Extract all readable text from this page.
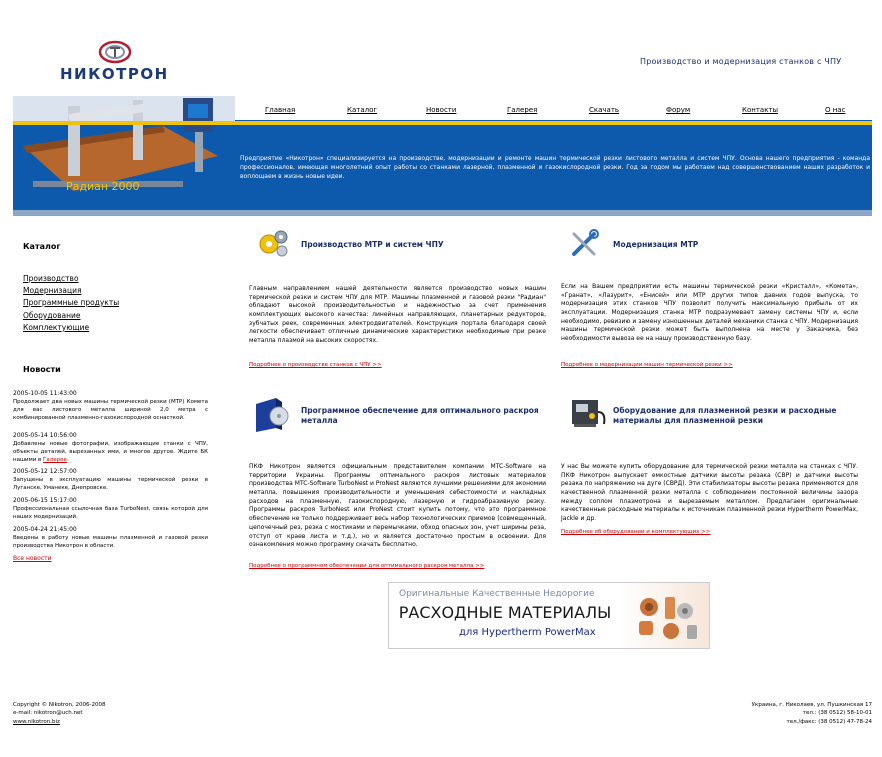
НИКОТРОН
Производство и модернизация станков с ЧПУ
Радиан 2000
Главная	Каталог	Новости	Галерея	Скачать	Форум	Контакты	О нас
Предприятие «Никотрон» специализируется на производстве, модернизации и ремонте машин термической резки листового металла и систем ЧПУ. Основа нашего предприятия - команда профессионалов, имеющая многолетний опыт работы со станками лазерной, плазменной и газокислородной резки. Год за годом мы работаем над совершенствованием наших разработок и воплощаем в жизнь новые идеи.
Каталог
Производство
Модернизация
Программные продукты
Оборудование
Комплектующие
Новости
2005-10-05 11:43:00
Продолжает два новых машины термической резки (МТР) Комета для вас листового металла шириной 2,0 метра с комбинированной плазменно-газокислородной оснасткой.
2005-05-14 10:56:00
Добавлены новые фотографии, изображающие станки с ЧПУ, объекты деталей, вырезанных ими, и многое другое. Ждите БК нашими в Галерее
2005-05-12 12:57:00
Запущены в эксплуатацию машины термической резки в Луганске, Уманеке, Днепровске.
2005-06-15 15:17:00
Профессиональная ссылочная база ТurboNest, связь которой для наших модернизаций.
2005-04-24 21:45:00
Введены в работу новые машины плазменной и газовой резки производства Никотрон в области.
Все новости
Производство МТР и систем ЧПУ
Главным направлением нашей деятельности является производство новых машин термической резки и систем ЧПУ для МТР. Машины плазменной и газовой резки "Радиан" обладают высокой производительностью и надежностью за счет применения комплектующих высокого качества: линейных направляющих, планетарных редукторов, зубчатых реек, современных электродвигателей. Конструкция портала благодаря своей легкости обеспечивает отличные динамические характеристики необходимые при резке металла плазмой на высоких скоростях.
Подробнее о производстве станков с ЧПУ >>
Модернизация МТР
Если на Вашем предприятии есть машины термической резки «Кристалл», «Комета», «Гранат», «Лазурит», «Енисей» или МТР других типов давних годов выпуска, то модернизация этих станков ЧПУ позволит получить максимальную прибыль от их эксплуатации. Модернизация станка МТР подразумевает замену системы ЧПУ и, если необходимо, ревизию и замену изношенных деталей механики станка с ЧПУ. Модернизация машины термической резки может быть выполнена на месте у Заказчика, без необходимости вывоза ее на нашу производственную базу.
Подробнее о модернизации машин термической резки >>
Программное обеспечение для оптимального раскроя металла
ПКФ Никотрон является официальным представителем компании MTC-Software на территории Украины. Программы оптимального раскроя листовых материалов производства MTC-Software TurboNest и ProNest являются лучшими решениями для экономии металла, повышения производительности и уменьшения себестоимости и накладных расходов на плазменную, газокислородную, лазерную и гидроабразивную резку. Программы раскроя TurboNest или ProNest стоит купить потому, что это программное обеспечение не только поддерживает весь набор технологических приемов (совмещенный, цепочечный рез, резка с мостиками и перемычками, обход опасных зон, учет ширины реза, отступ от краев листа и т.д.), но и является достаточно простым в освоении. Для ознакомления можно программу скачать бесплатно.
Подробнее о программном обеспечении для оптимального раскроя металла >>
Оборудование для плазменной резки и расходные материалы для плазменной резки
У нас Вы можете купить оборудование для термической резки металла на станках с ЧПУ. ПКФ Никотрон выпускает емкостные датчики высоты резака (СВР) и датчики высоты резака по напряжению на дуге (СВРД). Эти стабилизаторы высоты резака применяются для качественной плазменной резки металла с соблюдением постоянной величины зазора между соплом плазмотрона и вырезаемым металлом. Предлагаем оригинальные качественные расходные материалы к источникам плазменной резки Hypertherm PowerMax, Jackle и др.
Подробнее об оборудовании и комплектующих >>
Оригинальные Качественные Недорогие
РАСХОДНЫЕ МАТЕРИАЛЫ
для Hypertherm PowerMax
Copyright © Nikotron, 2006-2008
e-mail: nikotron@uch.net
www.nikotron.biz
Украина, г. Николаев, ул. Пушкинская 17
тел.: (38 0512) 58-10-01
тел./факс: (38 0512) 47-78-24
